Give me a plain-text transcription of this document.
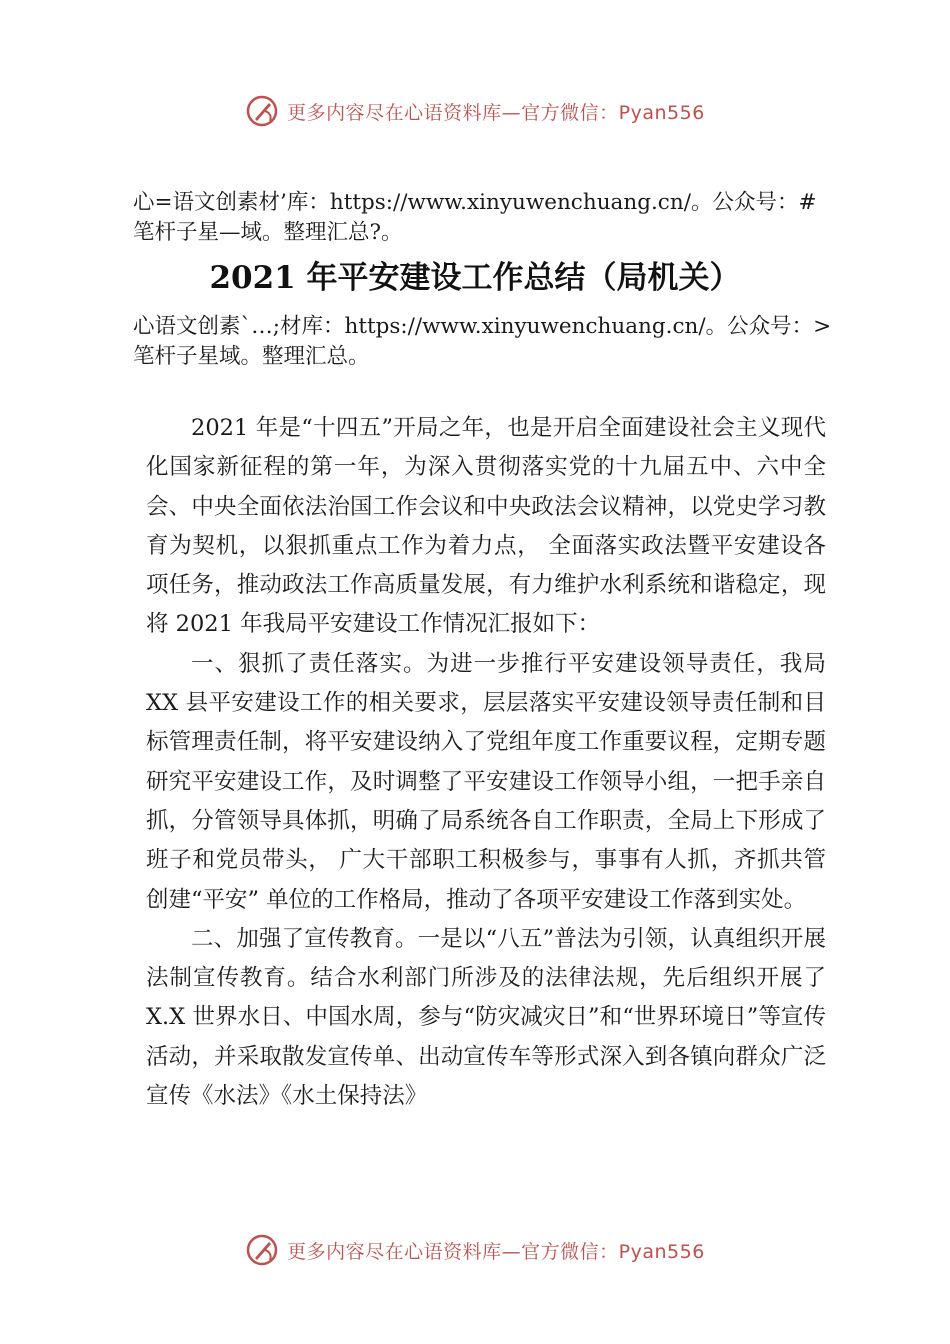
更多内容尽在心语资料库—官方微信：Pyan556
心=语文创素材’库：https://www.xinyuwenchuang.cn/。公众号：#笔杆子星—域。整理汇总?。
2021 年平安建设工作总结（局机关）
心语文创素`…;材库：https://www.xinyuwenchuang.cn/。公众号：>笔杆子星域。整理汇总。

2021 年是“十四五”开局之年，也是开启全面建设社会主义现代化国家新征程的第一年，为深入贯彻落实党的十九届五中、六中全会、中央全面依法治国工作会议和中央政法会议精神，以党史学习教育为契机，以狠抓重点工作为着力点， 全面落实政法暨平安建设各项任务，推动政法工作高质量发展，有力维护水利系统和谐稳定，现将 2021 年我局平安建设工作情况汇报如下：

一、狠抓了责任落实。为进一步推行平安建设领导责任，我局 XX 县平安建设工作的相关要求，层层落实平安建设领导责任制和目标管理责任制，将平安建设纳入了党组年度工作重要议程，定期专题研究平安建设工作，及时调整了平安建设工作领导小组，一把手亲自抓，分管领导具体抓，明确了局系统各自工作职责，全局上下形成了班子和党员带头， 广大干部职工积极参与，事事有人抓，齐抓共管创建“平安” 单位的工作格局，推动了各项平安建设工作落到实处。

二、加强了宣传教育。一是以“八五”普法为引领，认真组织开展法制宣传教育。结合水利部门所涉及的法律法规，先后组织开展了 X.X 世界水日、中国水周，参与“防灾减灾日”和“世界环境日”等宣传活动，并采取散发宣传单、出动宣传车等形式深入到各镇向群众广泛宣传《水法》《水土保持法》

更多内容尽在心语资料库—官方微信：Pyan556
